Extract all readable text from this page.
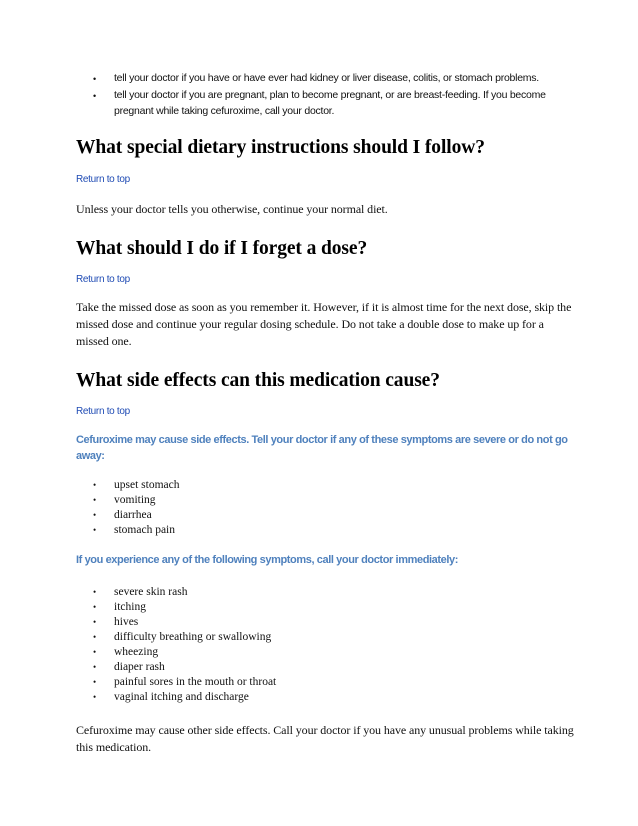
• tell your doctor if you have or have ever had kidney or liver disease, colitis, or stomach problems.
• tell your doctor if you are pregnant, plan to become pregnant, or are breast-feeding. If you become pregnant while taking cefuroxime, call your doctor.
What special dietary instructions should I follow?
Return to top

Unless your doctor tells you otherwise, continue your normal diet.

What should I do if I forget a dose?
Return to top

Take the missed dose as soon as you remember it. However, if it is almost time for the next dose, skip the missed dose and continue your regular dosing schedule. Do not take a double dose to make up for a missed one.

What side effects can this medication cause?
Return to top

Cefuroxime may cause side effects. Tell your doctor if any of these symptoms are severe or do not go away:

• upset stomach
• vomiting
• diarrhea
• stomach pain

If you experience any of the following symptoms, call your doctor immediately:

• severe skin rash
• itching
• hives
• difficulty breathing or swallowing
• wheezing
• diaper rash
• painful sores in the mouth or throat
• vaginal itching and discharge

Cefuroxime may cause other side effects. Call your doctor if you have any unusual problems while taking this medication.
